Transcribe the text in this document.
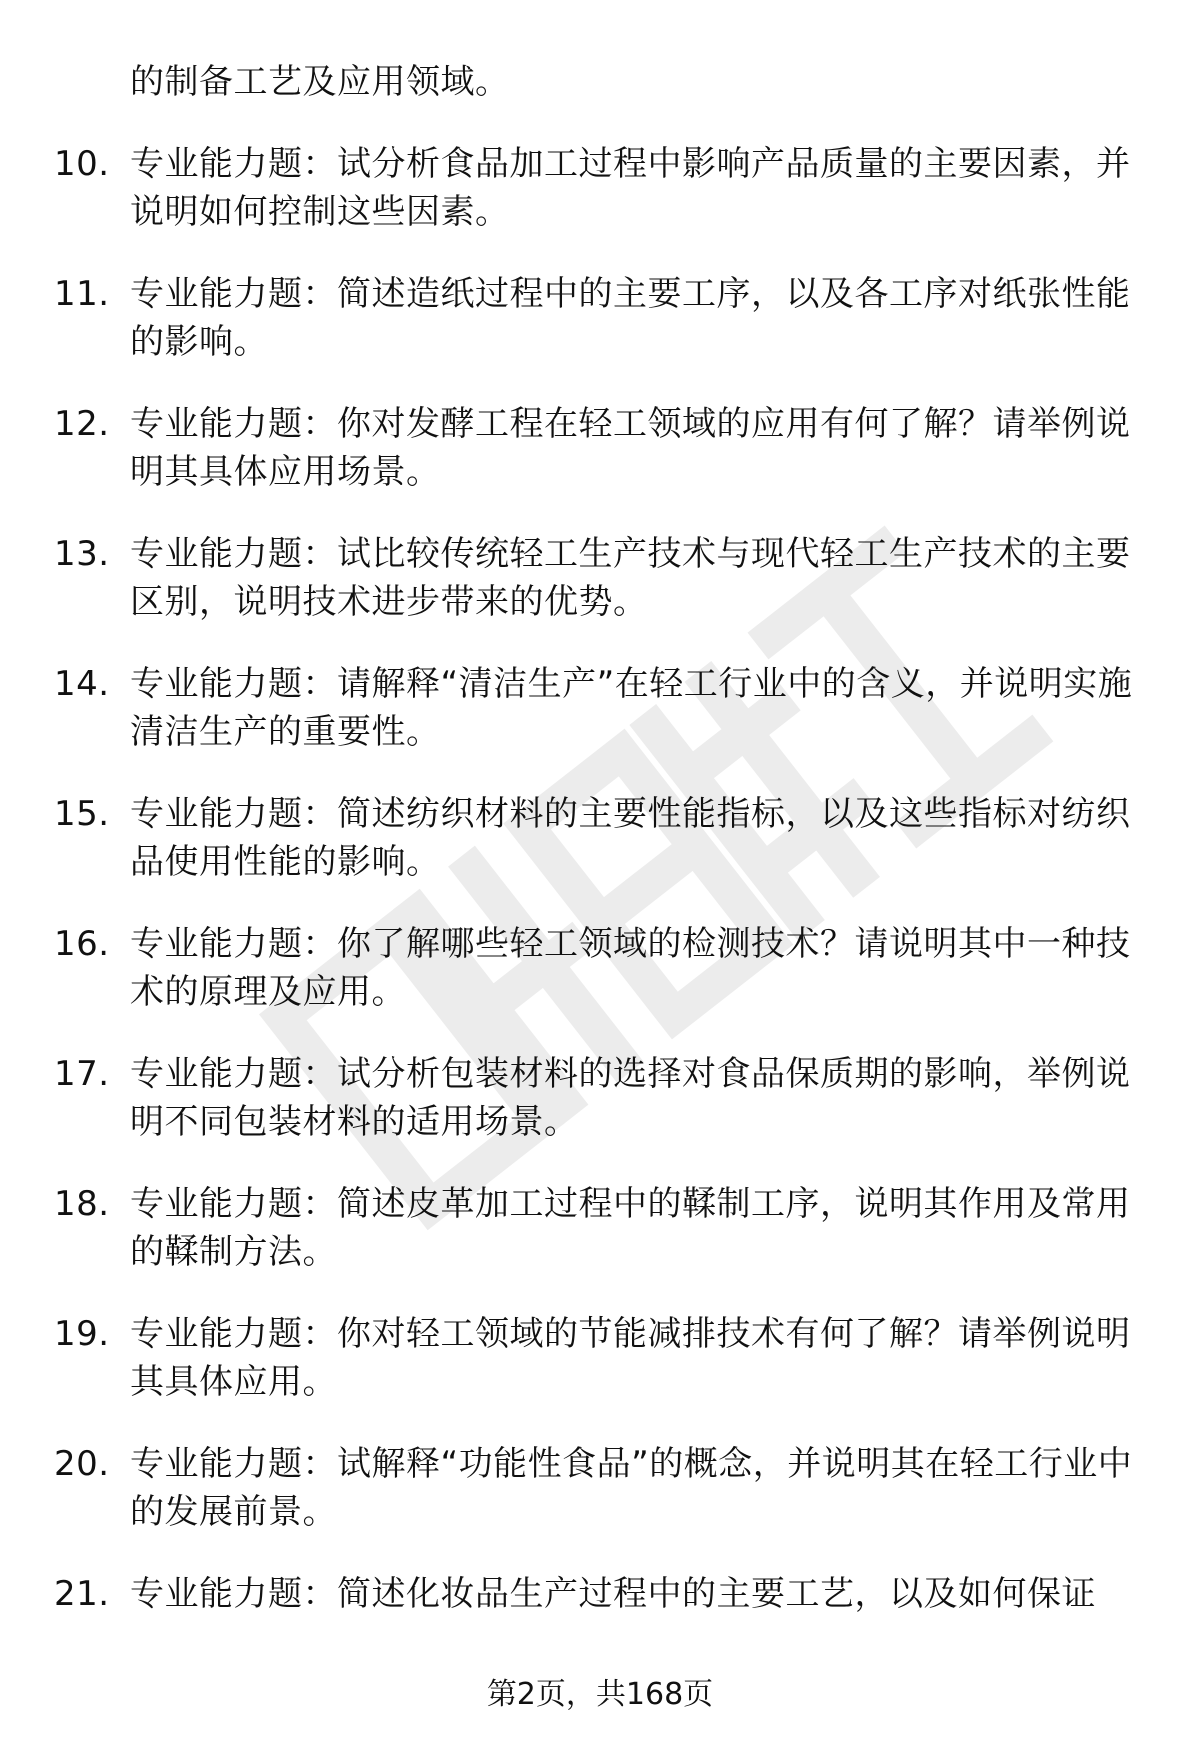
的制备工艺及应用领域。
10. 专业能力题：试分析食品加工过程中影响产品质量的主要因素，并说明如何控制这些因素。
11. 专业能力题：简述造纸过程中的主要工序，以及各工序对纸张性能的影响。
12. 专业能力题：你对发酵工程在轻工领域的应用有何了解？请举例说明其具体应用场景。
13. 专业能力题：试比较传统轻工生产技术与现代轻工生产技术的主要区别，说明技术进步带来的优势。
14. 专业能力题：请解释“清洁生产”在轻工行业中的含义，并说明实施清洁生产的重要性。
15. 专业能力题：简述纺织材料的主要性能指标，以及这些指标对纺织品使用性能的影响。
16. 专业能力题：你了解哪些轻工领域的检测技术？请说明其中一种技术的原理及应用。
17. 专业能力题：试分析包装材料的选择对食品保质期的影响，举例说明不同包装材料的适用场景。
18. 专业能力题：简述皮革加工过程中的鞣制工序，说明其作用及常用的鞣制方法。
19. 专业能力题：你对轻工领域的节能减排技术有何了解？请举例说明其具体应用。
20. 专业能力题：试解释“功能性食品”的概念，并说明其在轻工行业中的发展前景。
21. 专业能力题：简述化妆品生产过程中的主要工艺，以及如何保证
第2页，共168页
